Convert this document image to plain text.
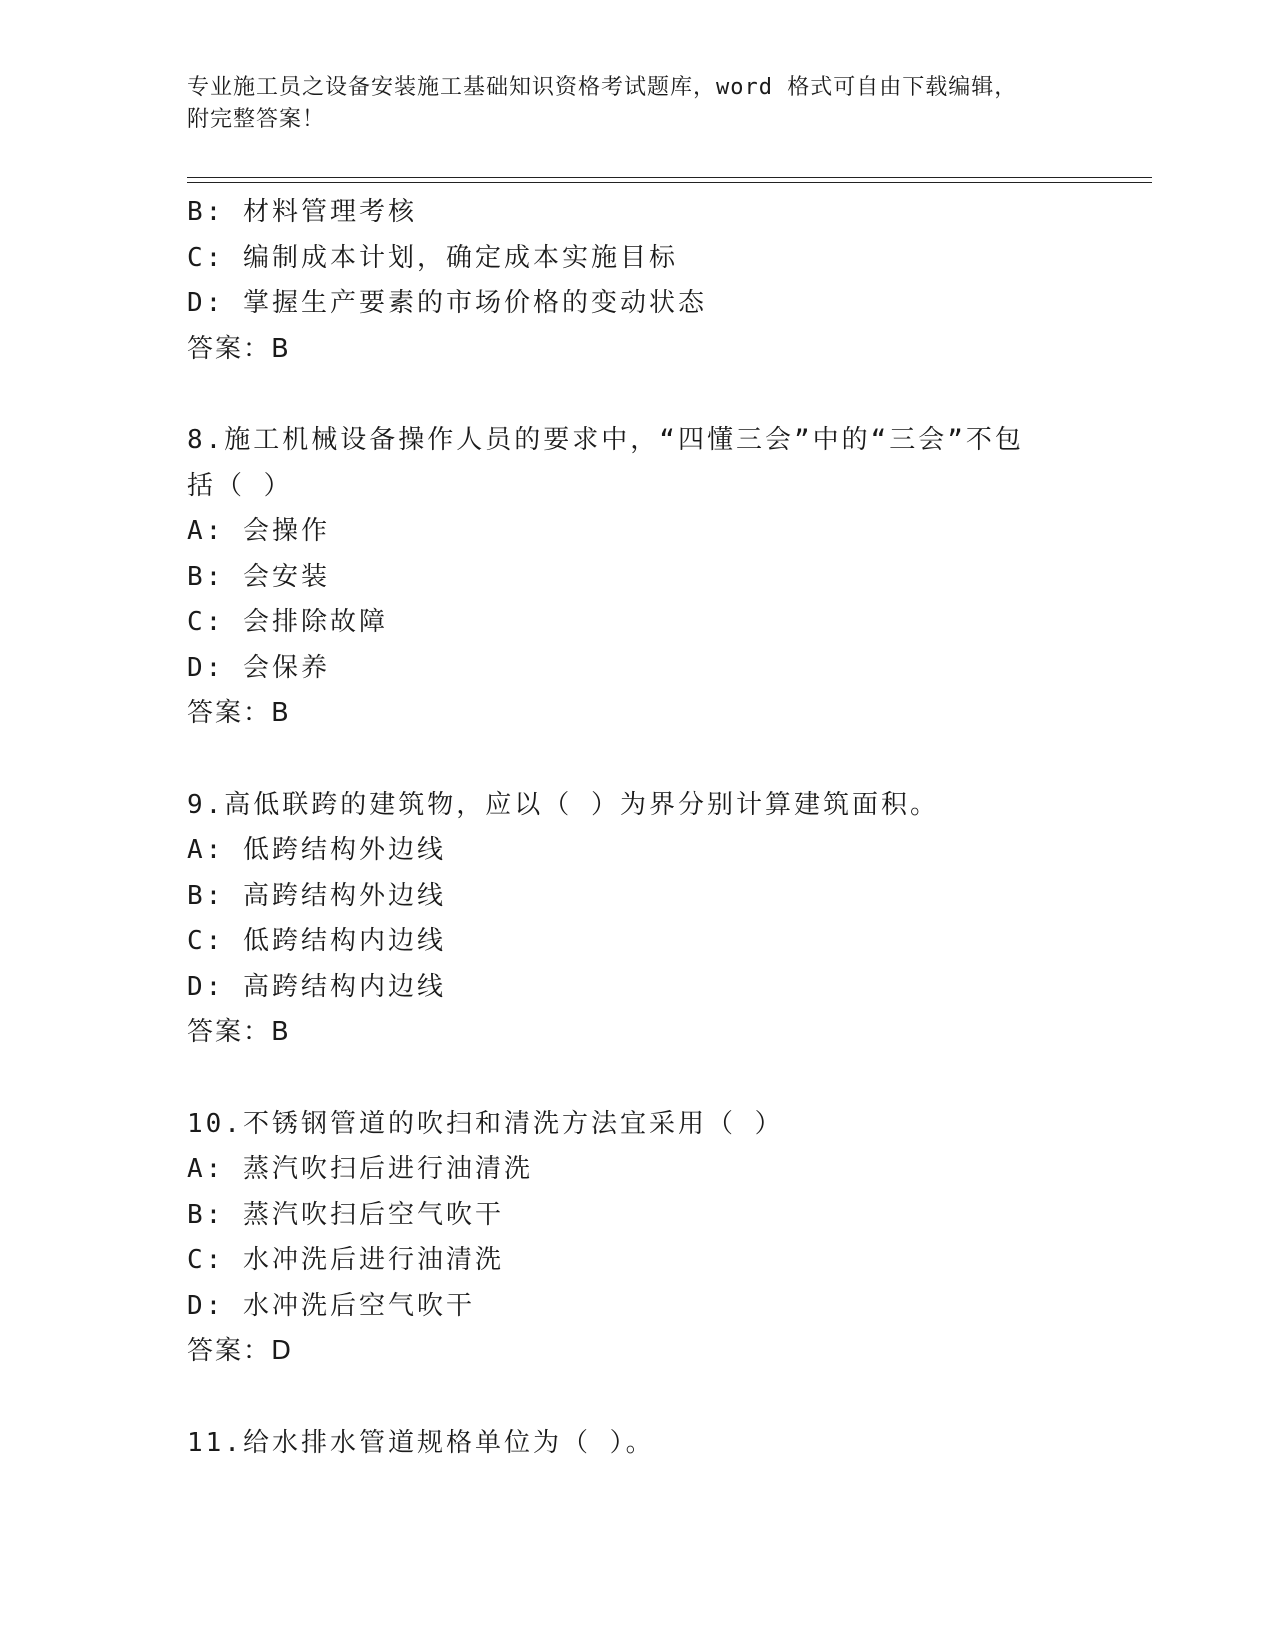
专业施工员之设备安装施工基础知识资格考试题库，word 格式可自由下载编辑，
附完整答案！
B: 材料管理考核
C: 编制成本计划，确定成本实施目标
D: 掌握生产要素的市场价格的变动状态
答案：B
8.施工机械设备操作人员的要求中，“四懂三会”中的“三会”不包
括（ ）
A: 会操作
B: 会安装
C: 会排除故障
D: 会保养
答案：B
9.高低联跨的建筑物，应以（ ）为界分别计算建筑面积。
A: 低跨结构外边线
B: 高跨结构外边线
C: 低跨结构内边线
D: 高跨结构内边线
答案：B
10.不锈钢管道的吹扫和清洗方法宜采用（ ）
A: 蒸汽吹扫后进行油清洗
B: 蒸汽吹扫后空气吹干
C: 水冲洗后进行油清洗
D: 水冲洗后空气吹干
答案：D
11.给水排水管道规格单位为（ ）。
